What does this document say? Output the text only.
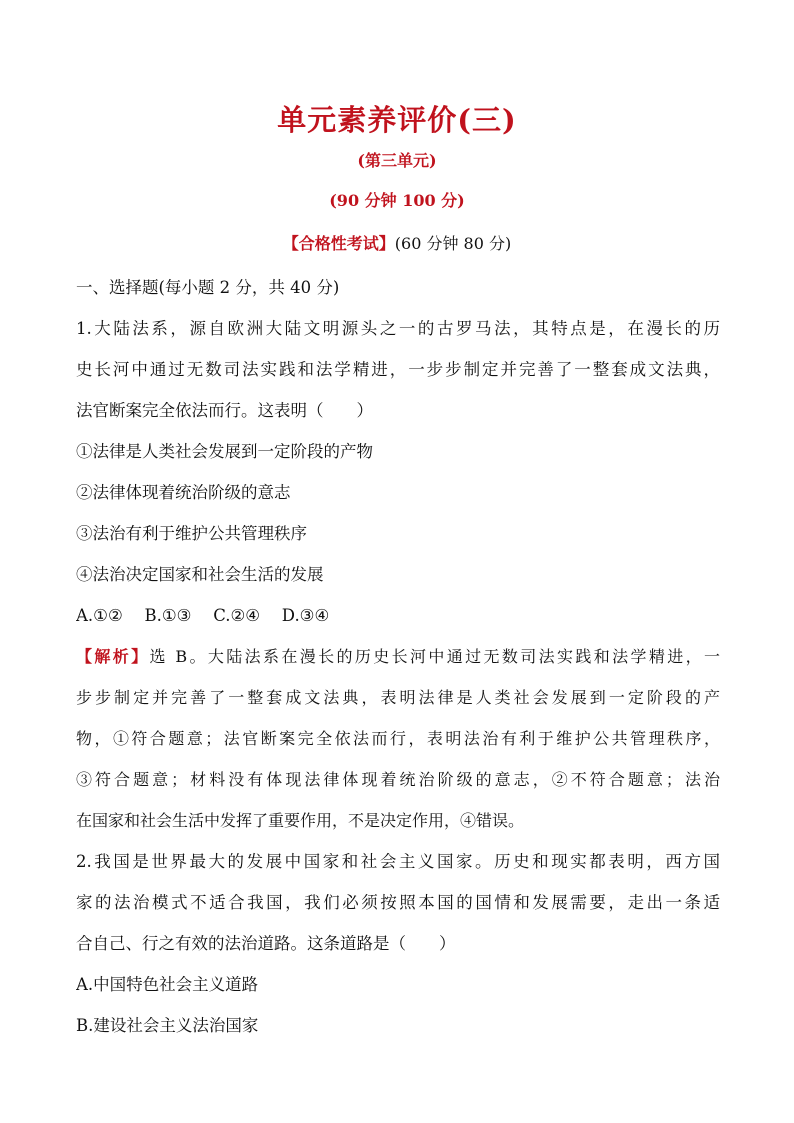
单元素养评价(三)
(第三单元)
(90 分钟 100 分)
【合格性考试】(60 分钟 80 分)
一、选择题(每小题 2 分，共 40 分)
1.大陆法系，源自欧洲大陆文明源头之一的古罗马法，其特点是，在漫长的历
史长河中通过无数司法实践和法学精进，一步步制定并完善了一整套成文法典，
法官断案完全依法而行。这表明（　　）
①法律是人类社会发展到一定阶段的产物
②法律体现着统治阶级的意志
③法治有利于维护公共管理秩序
④法治决定国家和社会生活的发展
A.①②　 B.①③　 C.②④　 D.③④
【解析】选 B。大陆法系在漫长的历史长河中通过无数司法实践和法学精进，一
步步制定并完善了一整套成文法典，表明法律是人类社会发展到一定阶段的产
物，①符合题意；法官断案完全依法而行，表明法治有利于维护公共管理秩序，
③符合题意；材料没有体现法律体现着统治阶级的意志，②不符合题意；法治
在国家和社会生活中发挥了重要作用，不是决定作用，④错误。
2.我国是世界最大的发展中国家和社会主义国家。历史和现实都表明，西方国
家的法治模式不适合我国，我们必须按照本国的国情和发展需要，走出一条适
合自己、行之有效的法治道路。这条道路是（　　）
A.中国特色社会主义道路
B.建设社会主义法治国家
